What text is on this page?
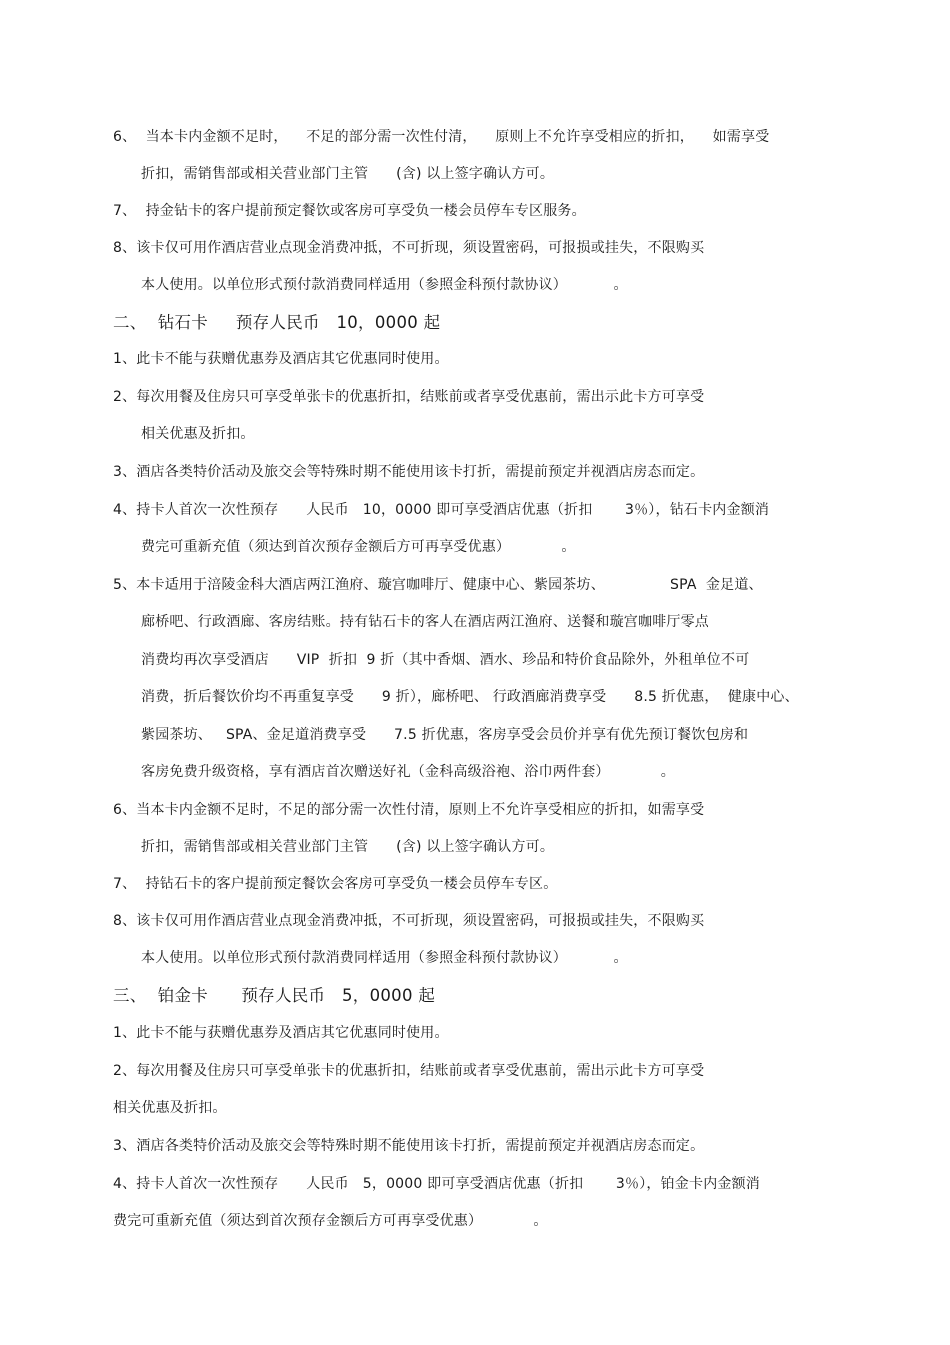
6、  当本卡内金额不足时，    不足的部分需一次性付清，    原则上不允许享受相应的折扣，    如需享受
折扣，需销售部或相关营业部门主管      (含) 以上签字确认方可。
7、  持金钻卡的客户提前预定餐饮或客房可享受负一楼会员停车专区服务。
8、该卡仅可用作酒店营业点现金消费冲抵，不可折现，须设置密码，可报损或挂失，不限购买
本人使用。以单位形式预付款消费同样适用（参照金科预付款协议）          。
二、  钻石卡     预存人民币   10，0000 起
1、此卡不能与获赠优惠券及酒店其它优惠同时使用。
2、每次用餐及住房只可享受单张卡的优惠折扣，结账前或者享受优惠前，需出示此卡方可享受
相关优惠及折扣。
3、酒店各类特价活动及旅交会等特殊时期不能使用该卡打折，需提前预定并视酒店房态而定。
4、持卡人首次一次性预存      人民币   10，0000 即可享受酒店优惠（折扣       3％），钻石卡内金额消
费完可重新充值（须达到首次预存金额后方可再享受优惠）           。
5、本卡适用于涪陵金科大酒店两江渔府、璇宫咖啡厅、健康中心、紫园茶坊、              SPA  金足道、
廊桥吧、行政酒廊、客房结账。持有钻石卡的客人在酒店两江渔府、送餐和璇宫咖啡厅零点
消费均再次享受酒店      VIP  折扣  9 折（其中香烟、酒水、珍品和特价食品除外，外租单位不可
消费，折后餐饮价均不再重复享受      9 折），廊桥吧、 行政酒廊消费享受      8.5 折优惠，  健康中心、
紫园茶坊、   SPA、金足道消费享受      7.5 折优惠，客房享受会员价并享有优先预订餐饮包房和
客房免费升级资格，享有酒店首次赠送好礼（金科高级浴袍、浴巾两件套）           。
6、当本卡内金额不足时，不足的部分需一次性付清，原则上不允许享受相应的折扣，如需享受
折扣，需销售部或相关营业部门主管      (含) 以上签字确认方可。
7、  持钻石卡的客户提前预定餐饮会客房可享受负一楼会员停车专区。
8、该卡仅可用作酒店营业点现金消费冲抵，不可折现，须设置密码，可报损或挂失，不限购买
本人使用。以单位形式预付款消费同样适用（参照金科预付款协议）          。
三、  铂金卡      预存人民币   5，0000 起
1、此卡不能与获赠优惠券及酒店其它优惠同时使用。
2、每次用餐及住房只可享受单张卡的优惠折扣，结账前或者享受优惠前，需出示此卡方可享受
相关优惠及折扣。
3、酒店各类特价活动及旅交会等特殊时期不能使用该卡打折，需提前预定并视酒店房态而定。
4、持卡人首次一次性预存      人民币   5，0000 即可享受酒店优惠（折扣       3％），铂金卡内金额消
费完可重新充值（须达到首次预存金额后方可再享受优惠）           。
